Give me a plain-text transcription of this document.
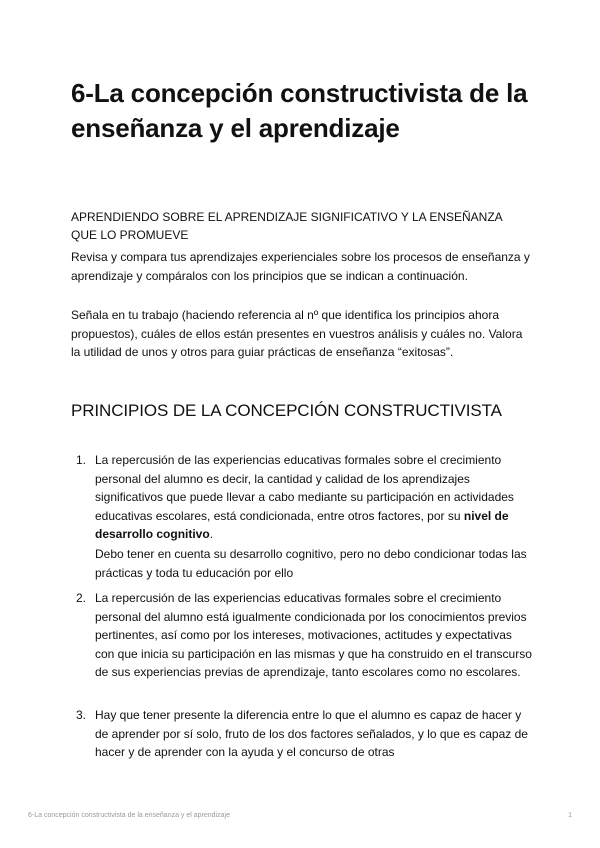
6-La concepción constructivista de la enseñanza y el aprendizaje

APRENDIENDO SOBRE EL APRENDIZAJE SIGNIFICATIVO Y LA ENSEÑANZA QUE LO PROMUEVE

Revisa y compara tus aprendizajes experienciales sobre los procesos de enseñanza y aprendizaje y compáralos con los principios que se indican a continuación.

Señala en tu trabajo (haciendo referencia al nº que identifica los principios ahora propuestos), cuáles de ellos están presentes en vuestros análisis y cuáles no. Valora la utilidad de unos y otros para guiar prácticas de enseñanza “exitosas”.

PRINCIPIOS DE LA CONCEPCIÓN CONSTRUCTIVISTA
1. La repercusión de las experiencias educativas formales sobre el crecimiento personal del alumno es decir, la cantidad y calidad de los aprendizajes significativos que puede llevar a cabo mediante su participación en actividades educativas escolares, está condicionada, entre otros factores, por su nivel de desarrollo cognitivo.
Debo tener en cuenta su desarrollo cognitivo, pero no debo condicionar todas las prácticas y toda tu educación por ello
2. La repercusión de las experiencias educativas formales sobre el crecimiento personal del alumno está igualmente condicionada por los conocimientos previos pertinentes, así como por los intereses, motivaciones, actitudes y expectativas con que inicia su participación en las mismas y que ha construido en el transcurso de sus experiencias previas de aprendizaje, tanto escolares como no escolares.
3. Hay que tener presente la diferencia entre lo que el alumno es capaz de hacer y de aprender por sí solo, fruto de los dos factores señalados, y lo que es capaz de hacer y de aprender con la ayuda y el concurso de otras
6-La concepción constructivista de la enseñanza y el aprendizaje	1
